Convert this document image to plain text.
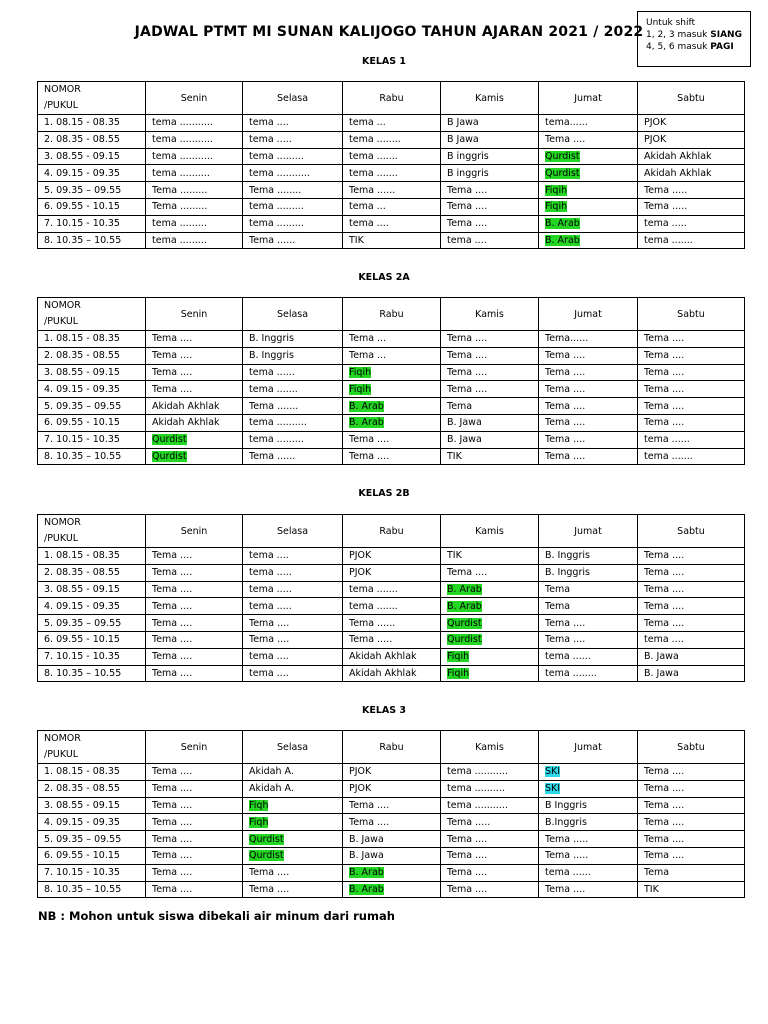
JADWAL PTMT MI SUNAN KALIJOGO TAHUN AJARAN 2021 / 2022
Untuk shift
1, 2, 3 masuk SIANG
4, 5, 6 masuk PAGI
KELAS 1
NOMOR
/PUKUL	Senin	Selasa	Rabu	Kamis	Jumat	Sabtu
1. 08.15 - 08.35	tema ...........	tema ....	tema ...	B Jawa	tema......	PJOK
2. 08.35 - 08.55	tema ...........	tema .....	tema ........	B Jawa	Tema ....	PJOK
3. 08.55 - 09.15	tema ...........	tema .........	tema .......	B inggris	Qurdist	Akidah Akhlak
4. 09.15 - 09.35	tema ..........	tema ...........	tema .......	B inggris	Qurdist	Akidah Akhlak
5. 09.35 – 09.55	Tema .........	Tema ........	Tema ......	Tema ....	Fiqih	Tema .....
6. 09.55 - 10.15	Tema .........	tema .........	tema ...	Tema ....	Fiqih	Tema .....
7. 10.15 - 10.35	tema .........	tema .........	tema ....	Tema ....	B. Arab	tema .....
8. 10.35 – 10.55	tema .........	Tema ......	TIK	tema ....	B. Arab	tema .......
KELAS 2A
NOMOR
/PUKUL	Senin	Selasa	Rabu	Kamis	Jumat	Sabtu
1. 08.15 - 08.35	Tema ....	B. Inggris	Tema ...	Tema ....	Tema......	Tema ....
2. 08.35 - 08.55	Tema ....	B. Inggris	Tema ...	Tema ....	Tema ....	Tema ....
3. 08.55 - 09.15	Tema ....	tema ......	Fiqih	Tema ....	Tema ....	Tema ....
4. 09.15 - 09.35	Tema ....	tema .......	Fiqih	Tema ....	Tema ....	Tema ....
5. 09.35 – 09.55	Akidah Akhlak	Tema .......	B. Arab	Tema	Tema ....	Tema ....
6. 09.55 - 10.15	Akidah Akhlak	tema ..........	B. Arab	B. Jawa	Tema ....	Tema ....
7. 10.15 - 10.35	Qurdist	tema .........	Tema ....	B. Jawa	Tema ....	tema ......
8. 10.35 – 10.55	Qurdist	Tema ......	Tema ....	TIK	Tema ....	tema .......
KELAS 2B
NOMOR
/PUKUL	Senin	Selasa	Rabu	Kamis	Jumat	Sabtu
1. 08.15 - 08.35	Tema ....	tema ....	PJOK	TIK	B. Inggris	Tema ....
2. 08.35 - 08.55	Tema ....	tema .....	PJOK	Tema ....	B. Inggris	Tema ....
3. 08.55 - 09.15	Tema ....	tema .....	tema .......	B. Arab	Tema	Tema ....
4. 09.15 - 09.35	Tema ....	tema .....	tema .......	B. Arab	Tema	Tema ....
5. 09.35 – 09.55	Tema ....	Tema ....	Tema ......	Qurdist	Tema ....	Tema ....
6. 09.55 - 10.15	Tema ....	Tema ....	Tema .....	Qurdist	Tema ....	tema ....
7. 10.15 - 10.35	Tema ....	tema ....	Akidah Akhlak	Fiqih	tema ......	B. Jawa
8. 10.35 – 10.55	Tema ....	tema ....	Akidah Akhlak	Fiqih	tema ........	B. Jawa
KELAS 3
NOMOR
/PUKUL	Senin	Selasa	Rabu	Kamis	Jumat	Sabtu
1. 08.15 - 08.35	Tema ....	Akidah A.	PJOK	tema ...........	SKI	Tema ....
2. 08.35 - 08.55	Tema ....	Akidah A.	PJOK	tema ..........	SKI	Tema ....
3. 08.55 - 09.15	Tema ....	Fiqh	Tema ....	tema ...........	B Inggris	Tema ....
4. 09.15 - 09.35	Tema ....	Fiqh	Tema ....	Tema .....	B.Inggris	Tema ....
5. 09.35 – 09.55	Tema ....	Qurdist	B. Jawa	Tema ....	Tema .....	Tema ....
6. 09.55 - 10.15	Tema ....	Qurdist	B. Jawa	Tema ....	Tema .....	Tema ....
7. 10.15 - 10.35	Tema ....	Tema ....	B. Arab	Tema ....	tema ......	Tema
8. 10.35 – 10.55	Tema ....	Tema ....	B. Arab	Tema ....	Tema ....	TIK
NB : Mohon untuk siswa dibekali air minum dari rumah
